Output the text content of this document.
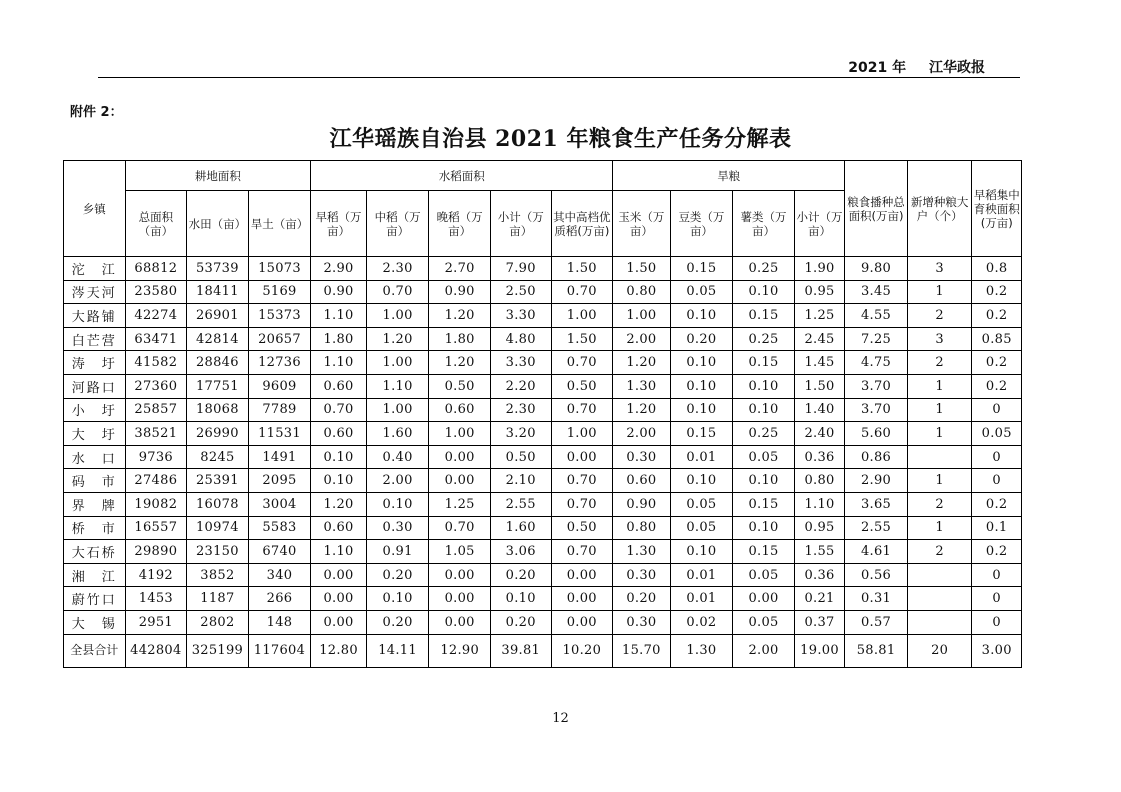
2021 年 江华政报
附件 2：
江华瑶族自治县 2021 年粮食生产任务分解表
乡镇	耕地面积			水稻面积					旱粮				粮食播种总面积(万亩)	新增种粮大户（个）	早稻集中育秧面积(万亩)
	总面积（亩）	水田（亩）	旱土（亩）	早稻（万亩）	中稻（万亩）	晚稻（万亩）	小计（万亩）	其中高档优质稻(万亩)	玉米（万亩）	豆类（万亩）	薯类（万亩）	小计（万亩）			
沱　江	68812	53739	15073	2.90	2.30	2.70	7.90	1.50	1.50	0.15	0.25	1.90	9.80	3	0.8
涔天河	23580	18411	5169	0.90	0.70	0.90	2.50	0.70	0.80	0.05	0.10	0.95	3.45	1	0.2
大路铺	42274	26901	15373	1.10	1.00	1.20	3.30	1.00	1.00	0.10	0.15	1.25	4.55	2	0.2
白芒营	63471	42814	20657	1.80	1.20	1.80	4.80	1.50	2.00	0.20	0.25	2.45	7.25	3	0.85
涛　圩	41582	28846	12736	1.10	1.00	1.20	3.30	0.70	1.20	0.10	0.15	1.45	4.75	2	0.2
河路口	27360	17751	9609	0.60	1.10	0.50	2.20	0.50	1.30	0.10	0.10	1.50	3.70	1	0.2
小　圩	25857	18068	7789	0.70	1.00	0.60	2.30	0.70	1.20	0.10	0.10	1.40	3.70	1	0
大　圩	38521	26990	11531	0.60	1.60	1.00	3.20	1.00	2.00	0.15	0.25	2.40	5.60	1	0.05
水　口	9736	8245	1491	0.10	0.40	0.00	0.50	0.00	0.30	0.01	0.05	0.36	0.86		0
码　市	27486	25391	2095	0.10	2.00	0.00	2.10	0.70	0.60	0.10	0.10	0.80	2.90	1	0
界　牌	19082	16078	3004	1.20	0.10	1.25	2.55	0.70	0.90	0.05	0.15	1.10	3.65	2	0.2
桥　市	16557	10974	5583	0.60	0.30	0.70	1.60	0.50	0.80	0.05	0.10	0.95	2.55	1	0.1
大石桥	29890	23150	6740	1.10	0.91	1.05	3.06	0.70	1.30	0.10	0.15	1.55	4.61	2	0.2
湘　江	4192	3852	340	0.00	0.20	0.00	0.20	0.00	0.30	0.01	0.05	0.36	0.56		0
蔚竹口	1453	1187	266	0.00	0.10	0.00	0.10	0.00	0.20	0.01	0.00	0.21	0.31		0
大　锡	2951	2802	148	0.00	0.20	0.00	0.20	0.00	0.30	0.02	0.05	0.37	0.57		0
全县合计	442804	325199	117604	12.80	14.11	12.90	39.81	10.20	15.70	1.30	2.00	19.00	58.81	20	3.00
12
